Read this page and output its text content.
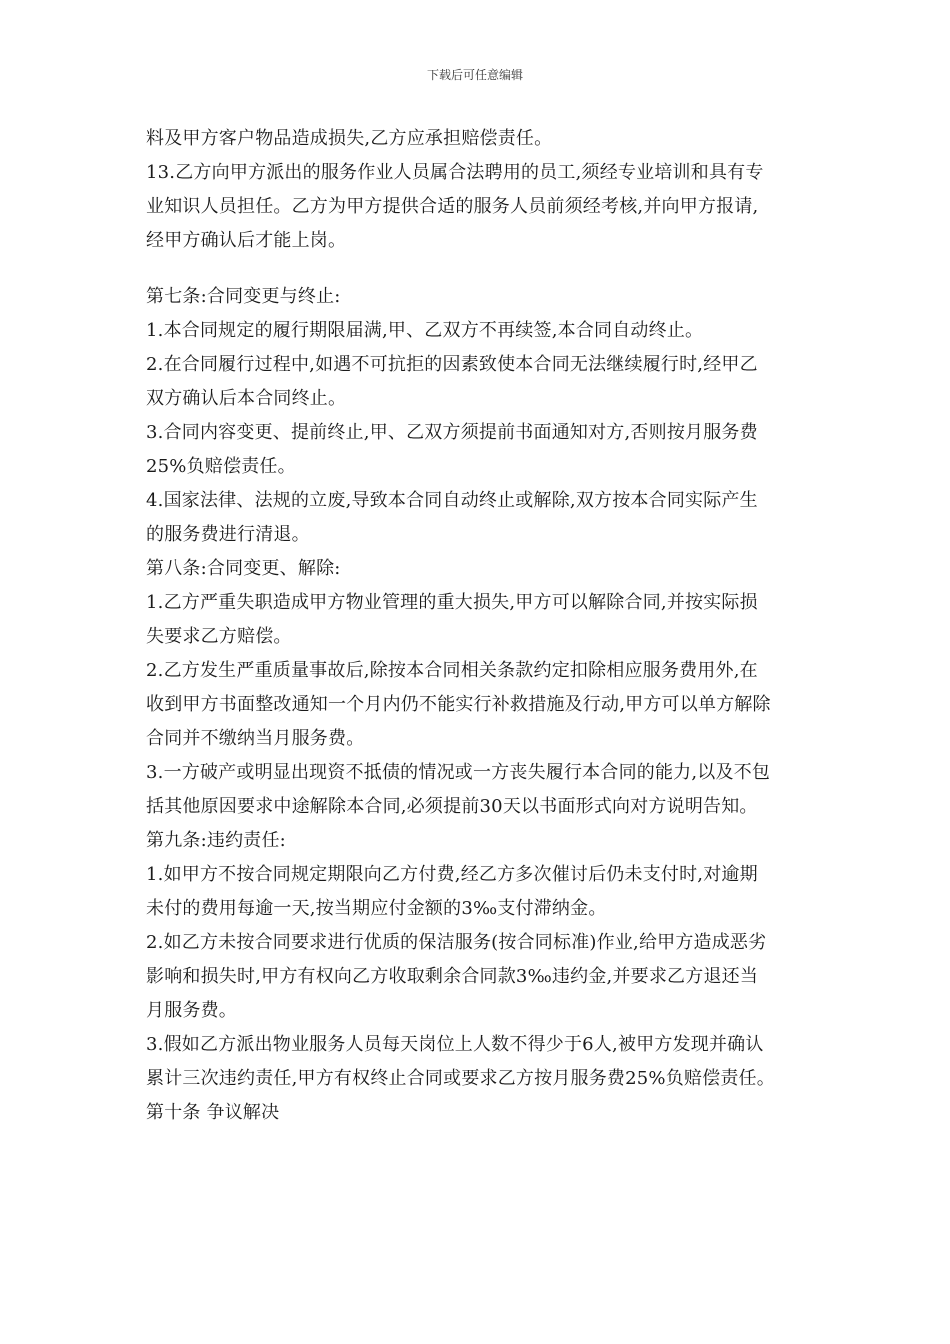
下载后可任意编辑
料及甲方客户物品造成损失,乙方应承担赔偿责任。
13.乙方向甲方派出的服务作业人员属合法聘用的员工,须经专业培训和具有专
业知识人员担任。乙方为甲方提供合适的服务人员前须经考核,并向甲方报请,
经甲方确认后才能上岗。
第七条:合同变更与终止:
1.本合同规定的履行期限届满,甲、乙双方不再续签,本合同自动终止。
2.在合同履行过程中,如遇不可抗拒的因素致使本合同无法继续履行时,经甲乙
双方确认后本合同终止。
3.合同内容变更、提前终止,甲、乙双方须提前书面通知对方,否则按月服务费
25%负赔偿责任。
4.国家法律、法规的立废,导致本合同自动终止或解除,双方按本合同实际产生
的服务费进行清退。
第八条:合同变更、解除:
1.乙方严重失职造成甲方物业管理的重大损失,甲方可以解除合同,并按实际损
失要求乙方赔偿。
2.乙方发生严重质量事故后,除按本合同相关条款约定扣除相应服务费用外,在
收到甲方书面整改通知一个月内仍不能实行补救措施及行动,甲方可以单方解除
合同并不缴纳当月服务费。
3.一方破产或明显出现资不抵债的情况或一方丧失履行本合同的能力,以及不包
括其他原因要求中途解除本合同,必须提前30天以书面形式向对方说明告知。
第九条:违约责任:
1.如甲方不按合同规定期限向乙方付费,经乙方多次催讨后仍未支付时,对逾期
未付的费用每逾一天,按当期应付金额的3‰支付滞纳金。
2.如乙方未按合同要求进行优质的保洁服务(按合同标准)作业,给甲方造成恶劣
影响和损失时,甲方有权向乙方收取剩余合同款3‰违约金,并要求乙方退还当
月服务费。
3.假如乙方派出物业服务人员每天岗位上人数不得少于6人,被甲方发现并确认
累计三次违约责任,甲方有权终止合同或要求乙方按月服务费25%负赔偿责任。
第十条 争议解决
